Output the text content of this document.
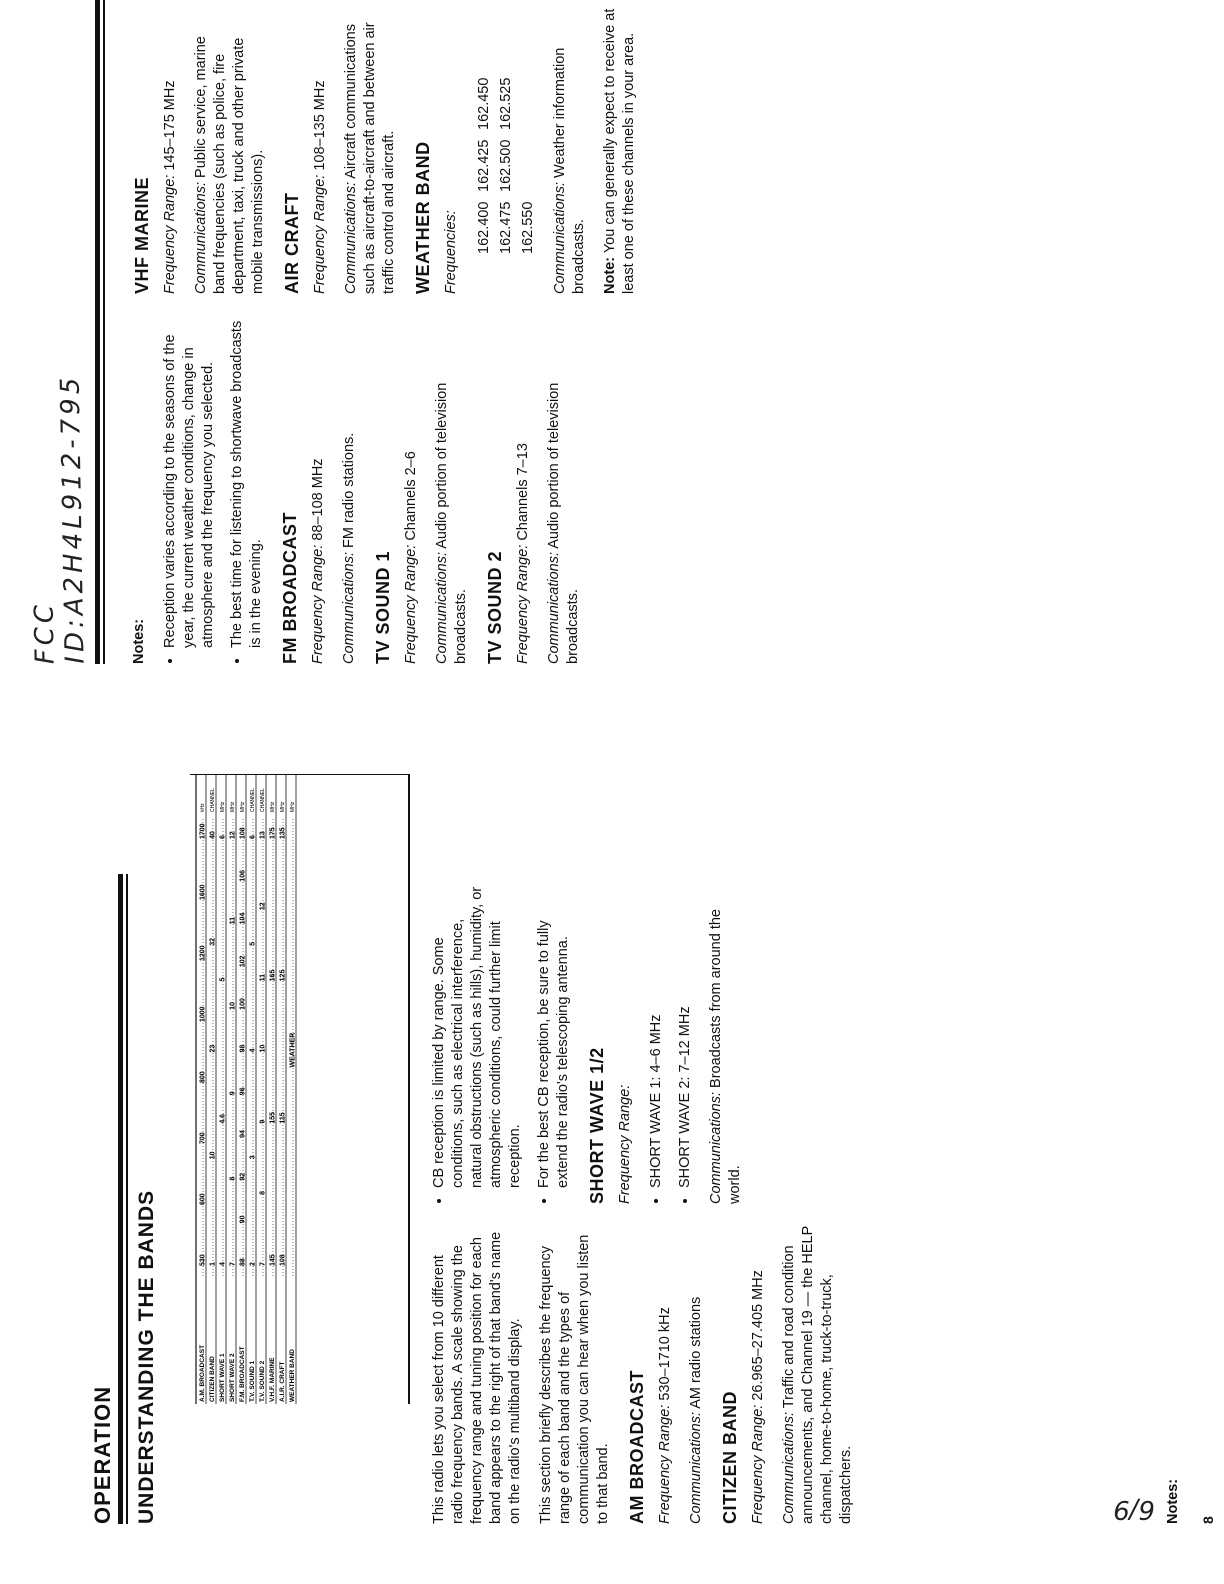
OPERATION
FCC ID:A2H4L912-795
6/9
UNDERSTANDING THE BANDS	A.M. BROADCAST
530
600
700
800
1000
1200
1600
1700
kHz
CITIZEN BAND
1
10
23
32
40
CHANNEL
SHORT WAVE 1
4
4.6
5
6
MHz
SHORT WAVE 2
7
8
9
10
11
12
MHz
F.M. BROADCAST
88
90
92
94
96
98
100
102
104
106
108
MHz
T.V. SOUND 1
2
3
4
5
6
CHANNEL
T.V. SOUND 2
7
8
9
10
11
12
13
CHANNEL
V.H.F. MARINE
145
155
165
175
MHz
A.I.R. CRAFT
108
115
125
135
MHz
WEATHER BAND
WEATHER
MHz

This radio lets you select from 10 different radio frequency bands. A scale showing the frequency range and tuning position for each band appears to the right of that band's name on the radio's multiband display. This section briefly describes the frequency range of each band and the types of communication you can hear when you listen to that band. AM BROADCAST Frequency Range: 530–1710 kHz

Communications: AM radio stations

CITIZEN BAND Frequency Range: 26.965–27.405 MHz

Communications: Traffic and road condition announcements, and Channel 19 — the HELP channel, home-to-home, truck-to-truck, dispatchers.	Notes: 8
• CB reception is limited by range. Some conditions, such as electrical interference, natural obstructions (such as hills), humidity, or atmospheric conditions, could further limit reception. • For the best CB reception, be sure to fully extend the radio's telescoping antenna. SHORT WAVE 1/2 Frequency Range: • SHORT WAVE 1: 4–6 MHz • SHORT WAVE 2: 7–12 MHz Communications: Broadcasts from around the world.

Notes: • Reception varies according to the seasons of the year, the current weather conditions, change in atmosphere and the frequency you selected. • The best time for listening to shortwave broadcasts is in the evening. FM BROADCAST Frequency Range: 88–108 MHz

Communications: FM radio stations.

TV SOUND 1 Frequency Range: Channels 2–6

Communications: Audio portion of television broadcasts. TV SOUND 2 Frequency Range: Channels 7–13

Communications: Audio portion of television broadcasts.

VHF MARINE Frequency Range: 145–175 MHz

Communications: Public service, marine band frequencies (such as police, fire department, taxi, truck and other private mobile transmissions). AIR CRAFT Frequency Range: 108–135 MHz

Communications: Aircraft communications such as aircraft-to-aircraft and between air traffic control and aircraft. WEATHER BAND Frequencies: 162.400162.425162.450
162.475162.500162.525
162.550 Communications: Weather information broadcasts. Note: You can generally expect to receive at least one of these channels in your area.
